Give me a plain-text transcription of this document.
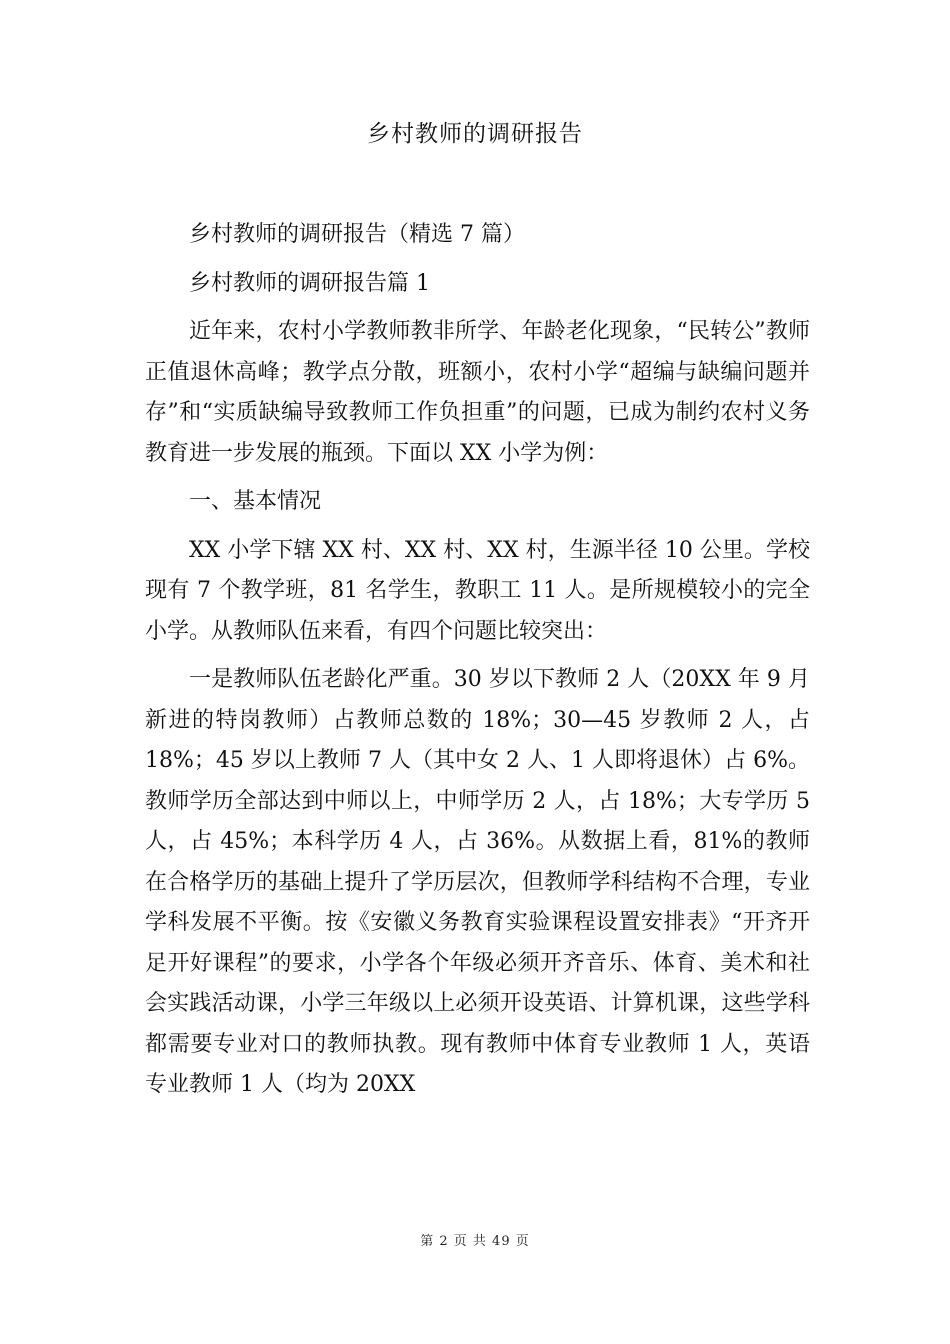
乡村教师的调研报告

乡村教师的调研报告（精选 7 篇）

乡村教师的调研报告篇 1

近年来，农村小学教师教非所学、年龄老化现象，“民转公”教师正值退休高峰；教学点分散，班额小，农村小学“超编与缺编问题并存”和“实质缺编导致教师工作负担重”的问题，已成为制约农村义务教育进一步发展的瓶颈。下面以 XX 小学为例：

一、基本情况

XX 小学下辖 XX 村、XX 村、XX 村，生源半径 10 公里。学校现有 7 个教学班，81 名学生，教职工 11 人。是所规模较小的完全小学。从教师队伍来看，有四个问题比较突出：

一是教师队伍老龄化严重。30 岁以下教师 2 人（20XX 年 9 月新进的特岗教师）占教师总数的 18%；30—45 岁教师 2 人，占 18%；45 岁以上教师 7 人（其中女 2 人、1 人即将退休）占 6%。教师学历全部达到中师以上，中师学历 2 人，占 18%；大专学历 5 人，占 45%；本科学历 4 人，占 36%。从数据上看，81%的教师在合格学历的基础上提升了学历层次，但教师学科结构不合理，专业学科发展不平衡。按《安徽义务教育实验课程设置安排表》“开齐开足开好课程”的要求，小学各个年级必须开齐音乐、体育、美术和社会实践活动课，小学三年级以上必须开设英语、计算机课，这些学科都需要专业对口的教师执教。现有教师中体育专业教师 1 人，英语专业教师 1 人（均为 20XX

第 2 页 共 49 页
